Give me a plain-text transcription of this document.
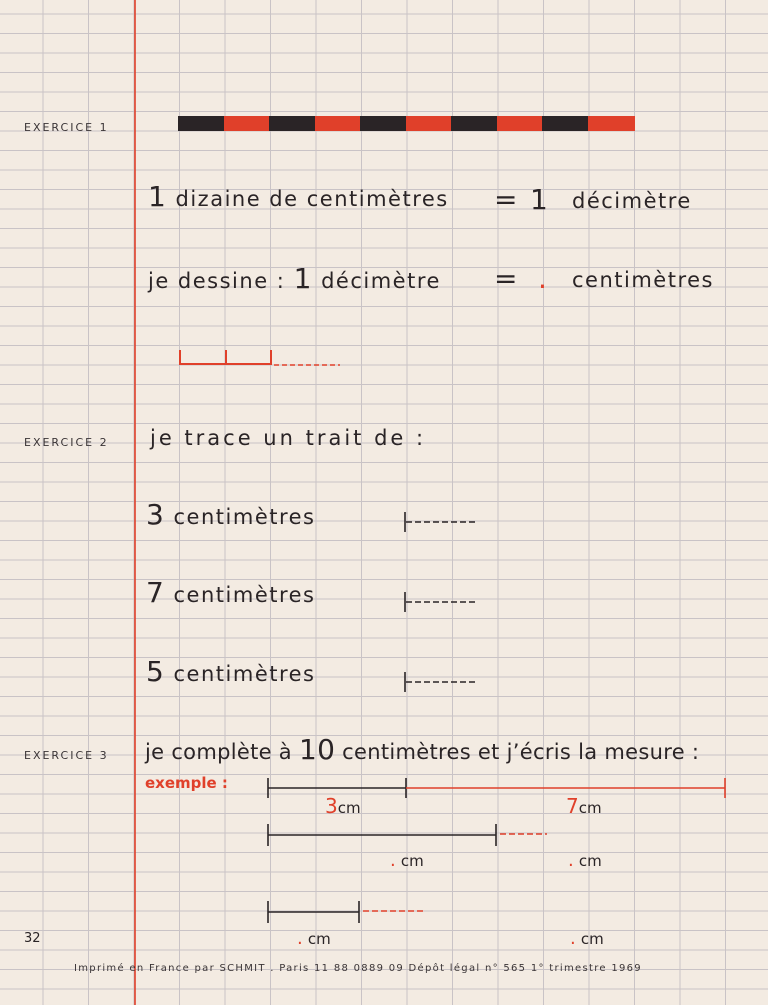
EXERCICE 1
1 dizaine de centimètres = 1 décimètre
je dessine : 1 décimètre = . centimètres
EXERCICE 2 je trace un trait de :
3 centimètres
7 centimètres
5 centimètres
EXERCICE 3 je complète à 10 centimètres et j’écris la mesure :
exemple :
3cm	7cm
. cm	. cm
. cm	. cm
32
Imprimé en France par SCHMIT . Paris 11 88 0889 09 Dépôt légal n° 565 1° trimestre 1969
